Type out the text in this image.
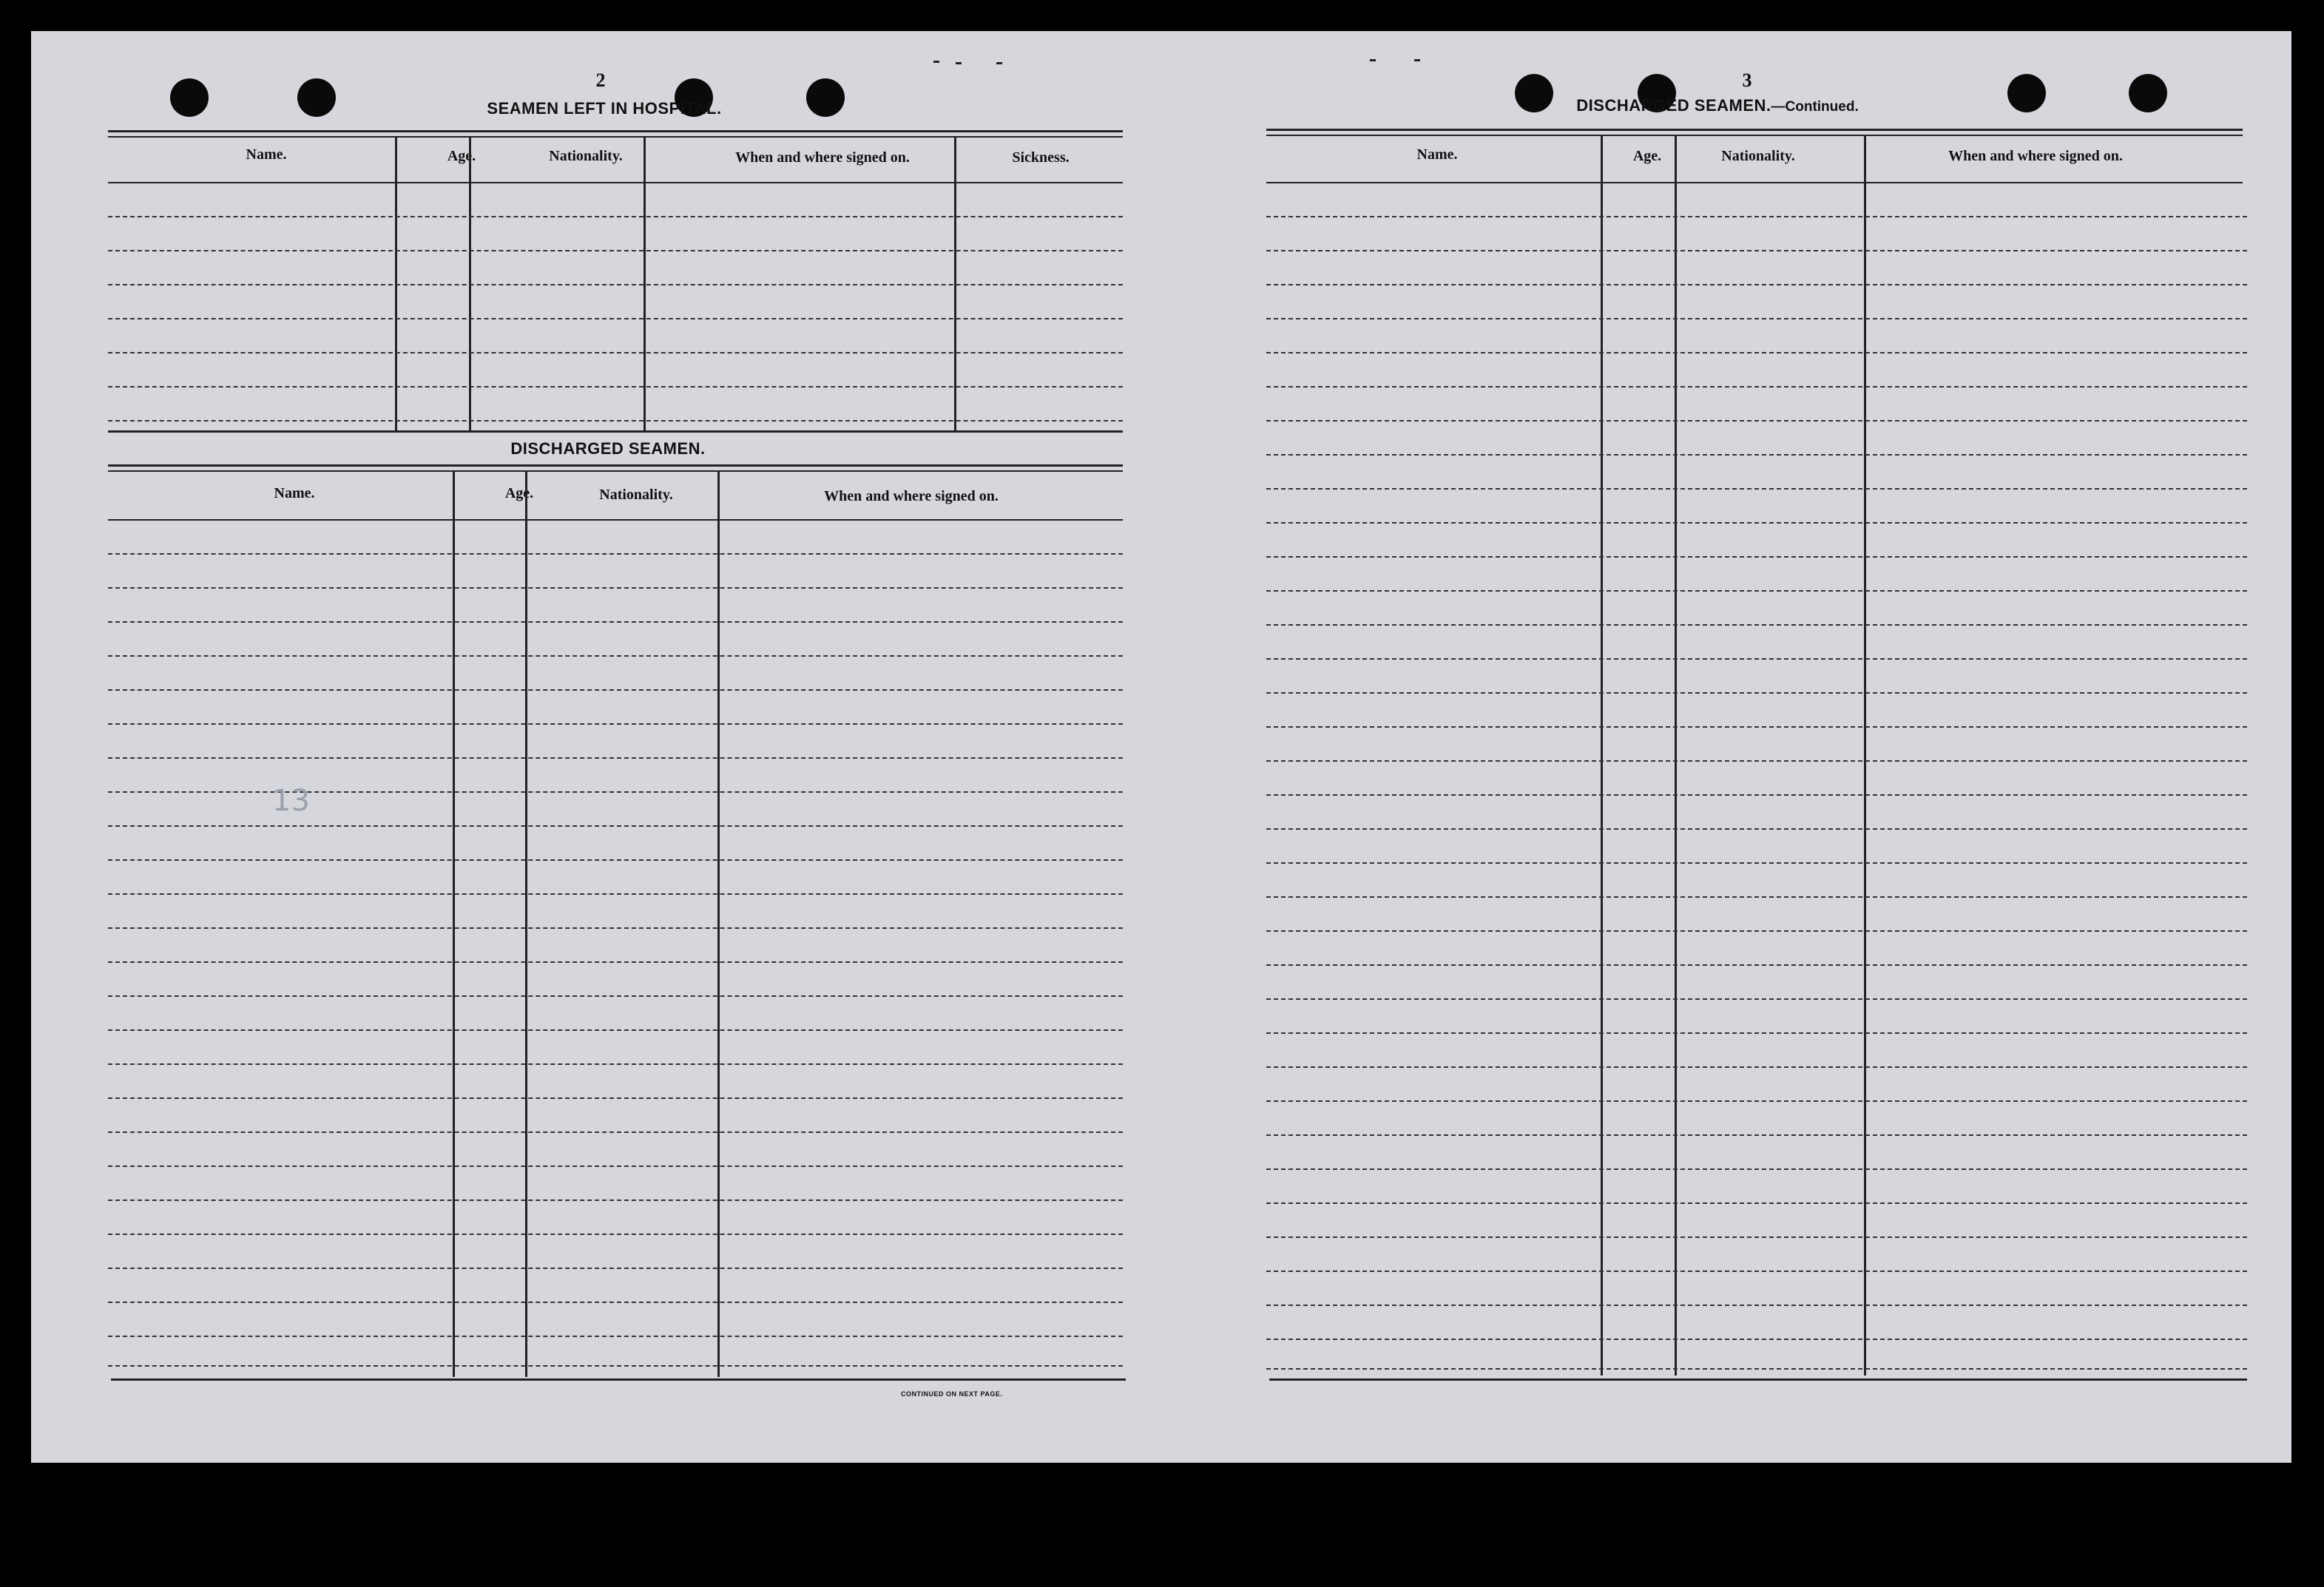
2
SEAMEN LEFT IN HOSPITAL.
Name.	Age.	Nationality.	When and where signed on.	Sickness.
DISCHARGED SEAMEN.
Name.	Age.	Nationality.	When and where signed on.
13
CONTINUED ON NEXT PAGE.
3
DISCHARGED SEAMEN.—Continued.
Name.	Age.	Nationality.	When and where signed on.
